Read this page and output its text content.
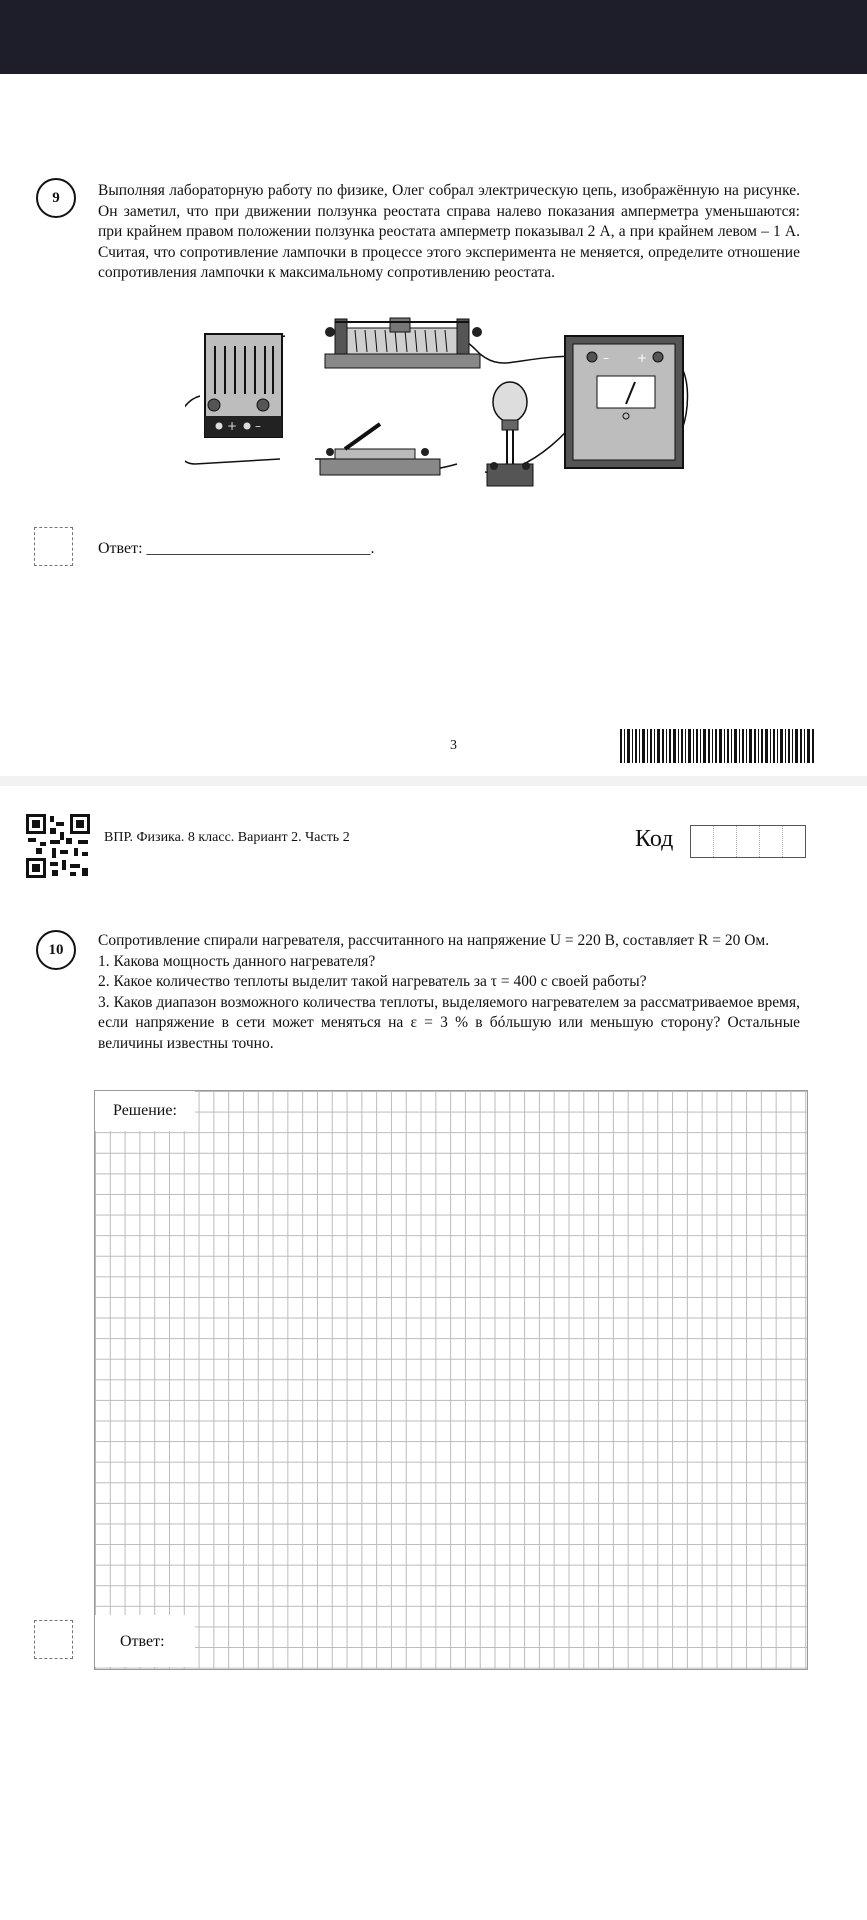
9	Выполняя лабораторную работу по физике, Олег собрал электрическую цепь, изображённую на рисунке. Он заметил, что при движении ползунка реостата справа налево показания амперметра уменьшаются: при крайнем правом положении ползунка реостата амперметр показывал 2 А, а при крайнем левом – 1 А. Считая, что сопротивление лампочки в процессе этого эксперимента не меняется, определите отношение сопротивления лампочки к максимальному сопротивлению реостата.
+ –
– +
Ответ: ____________________________.
3
ВПР. Физика. 8 класс. Вариант 2. Часть 2	Код
10
Сопротивление спирали нагревателя, рассчитанного на напряжение U = 220 В, составляет R = 20 Ом.
1. Какова мощность данного нагревателя?
2. Какое количество теплоты выделит такой нагреватель за τ = 400 с своей работы?
3. Каков диапазон возможного количества теплоты, выделяемого нагревателем за рассматриваемое время, если напряжение в сети может меняться на ε = 3 % в бóльшую или меньшую сторону? Остальные величины известны точно.
Решение:
Ответ:
